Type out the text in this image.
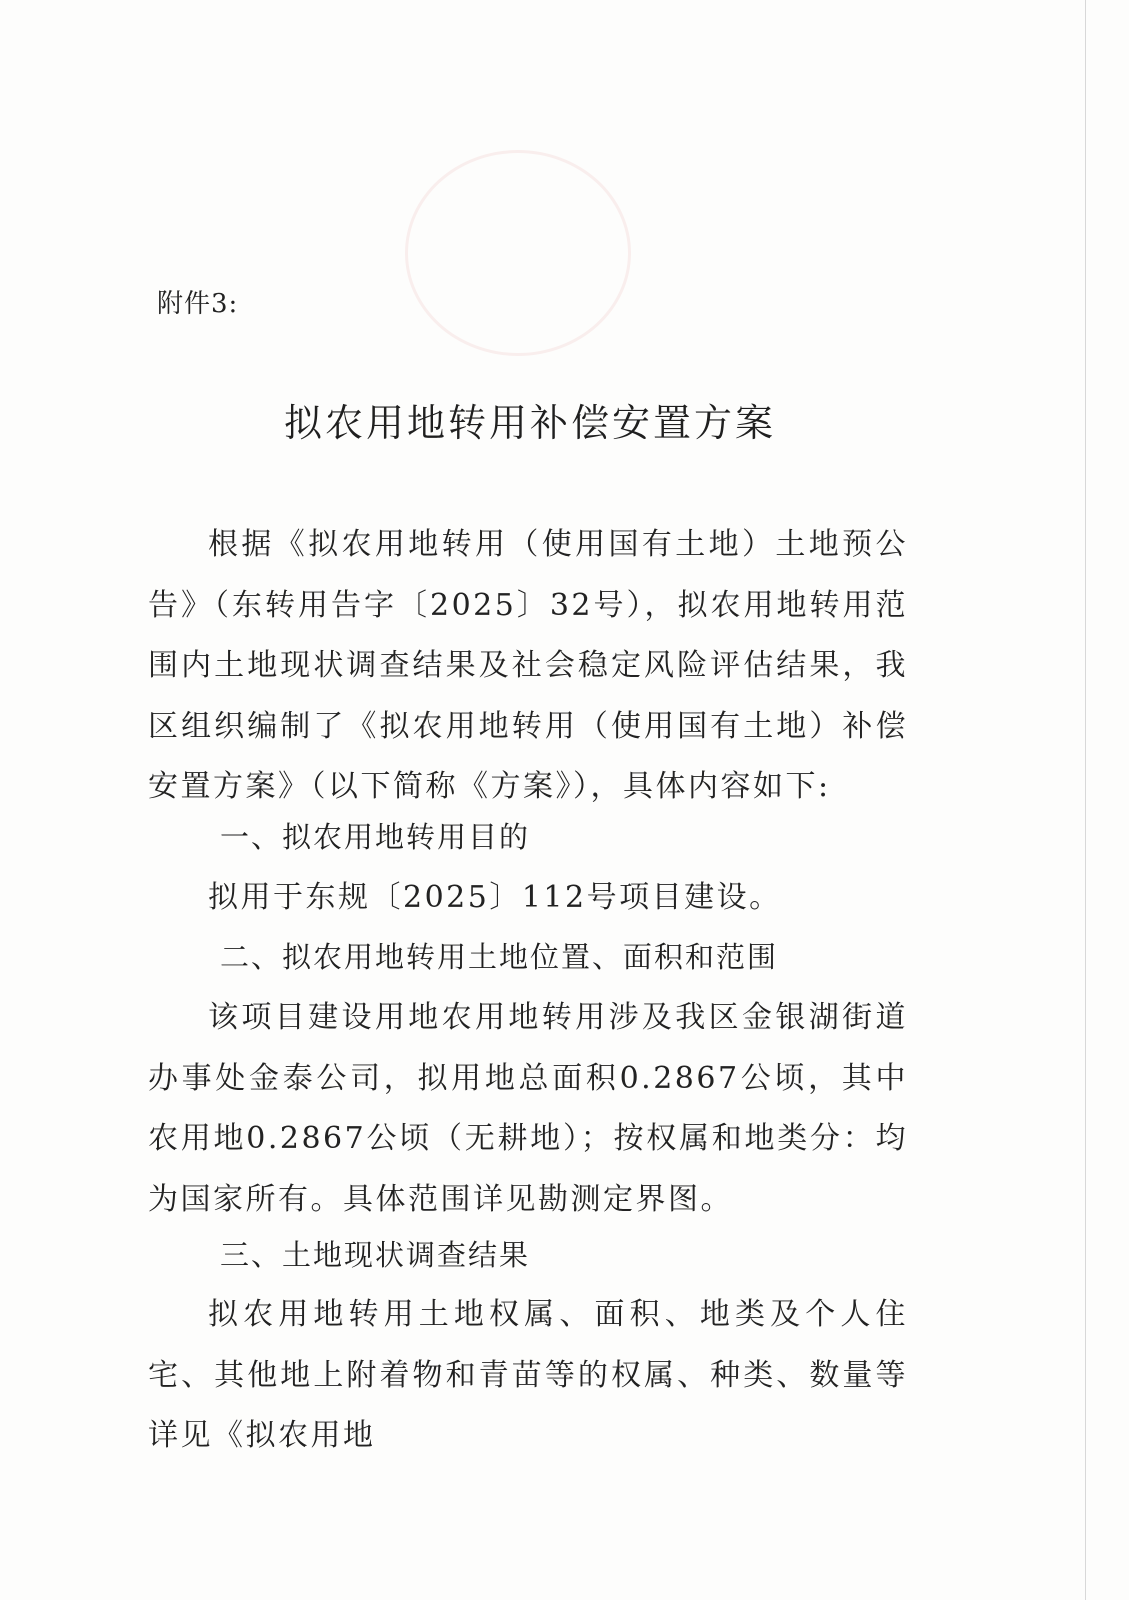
附件3:
拟农用地转用补偿安置方案
根据《拟农用地转用（使用国有土地）土地预公告》（东转用告字〔2025〕32号），拟农用地转用范围内土地现状调查结果及社会稳定风险评估结果，我区组织编制了《拟农用地转用（使用国有土地）补偿安置方案》（以下简称《方案》），具体内容如下:
一、拟农用地转用目的
拟用于东规〔2025〕112号项目建设。
二、拟农用地转用土地位置、面积和范围
该项目建设用地农用地转用涉及我区金银湖街道办事处金泰公司，拟用地总面积0.2867公顷，其中农用地0.2867公顷（无耕地）；按权属和地类分：均为国家所有。具体范围详见勘测定界图。
三、土地现状调查结果
拟农用地转用土地权属、面积、地类及个人住宅、其他地上附着物和青苗等的权属、种类、数量等详见《拟农用地
